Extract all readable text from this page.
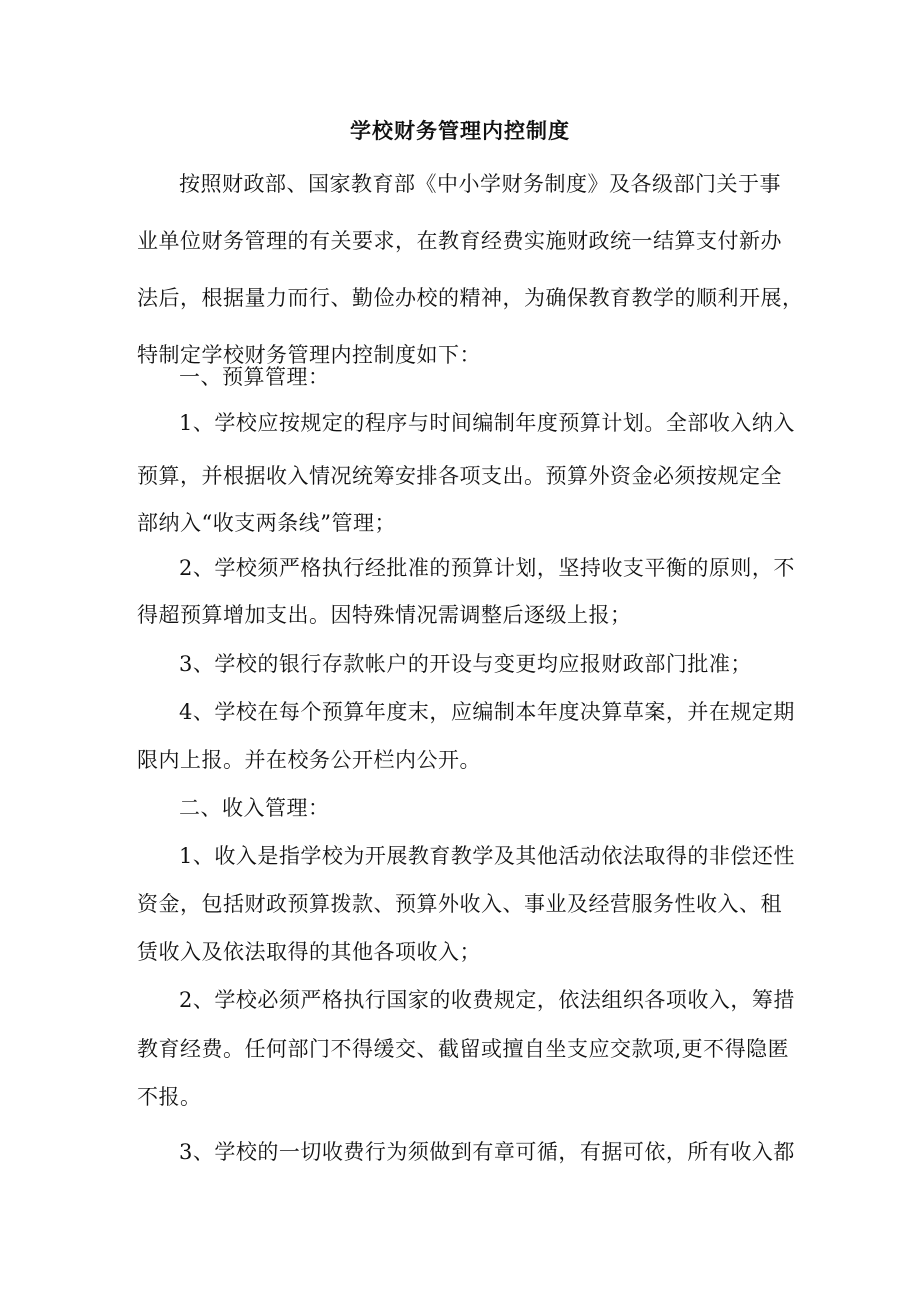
学校财务管理内控制度
按照财政部、国家教育部《中小学财务制度》及各级部门关于事
业单位财务管理的有关要求，在教育经费实施财政统一结算支付新办
法后，根据量力而行、勤俭办校的精神，为确保教育教学的顺利开展，
特制定学校财务管理内控制度如下：
一、预算管理：
1、学校应按规定的程序与时间编制年度预算计划。全部收入纳入
预算，并根据收入情况统筹安排各项支出。预算外资金必须按规定全
部纳入“收支两条线”管理；
2、学校须严格执行经批准的预算计划，坚持收支平衡的原则，不
得超预算增加支出。因特殊情况需调整后逐级上报；
3、学校的银行存款帐户的开设与变更均应报财政部门批准；
4、学校在每个预算年度末，应编制本年度决算草案，并在规定期
限内上报。并在校务公开栏内公开。
二、收入管理：
1、收入是指学校为开展教育教学及其他活动依法取得的非偿还性
资金，包括财政预算拨款、预算外收入、事业及经营服务性收入、租
赁收入及依法取得的其他各项收入；
2、学校必须严格执行国家的收费规定，依法组织各项收入，筹措
教育经费。任何部门不得缓交、截留或擅自坐支应交款项,更不得隐匿
不报。
3、学校的一切收费行为须做到有章可循，有据可依，所有收入都
